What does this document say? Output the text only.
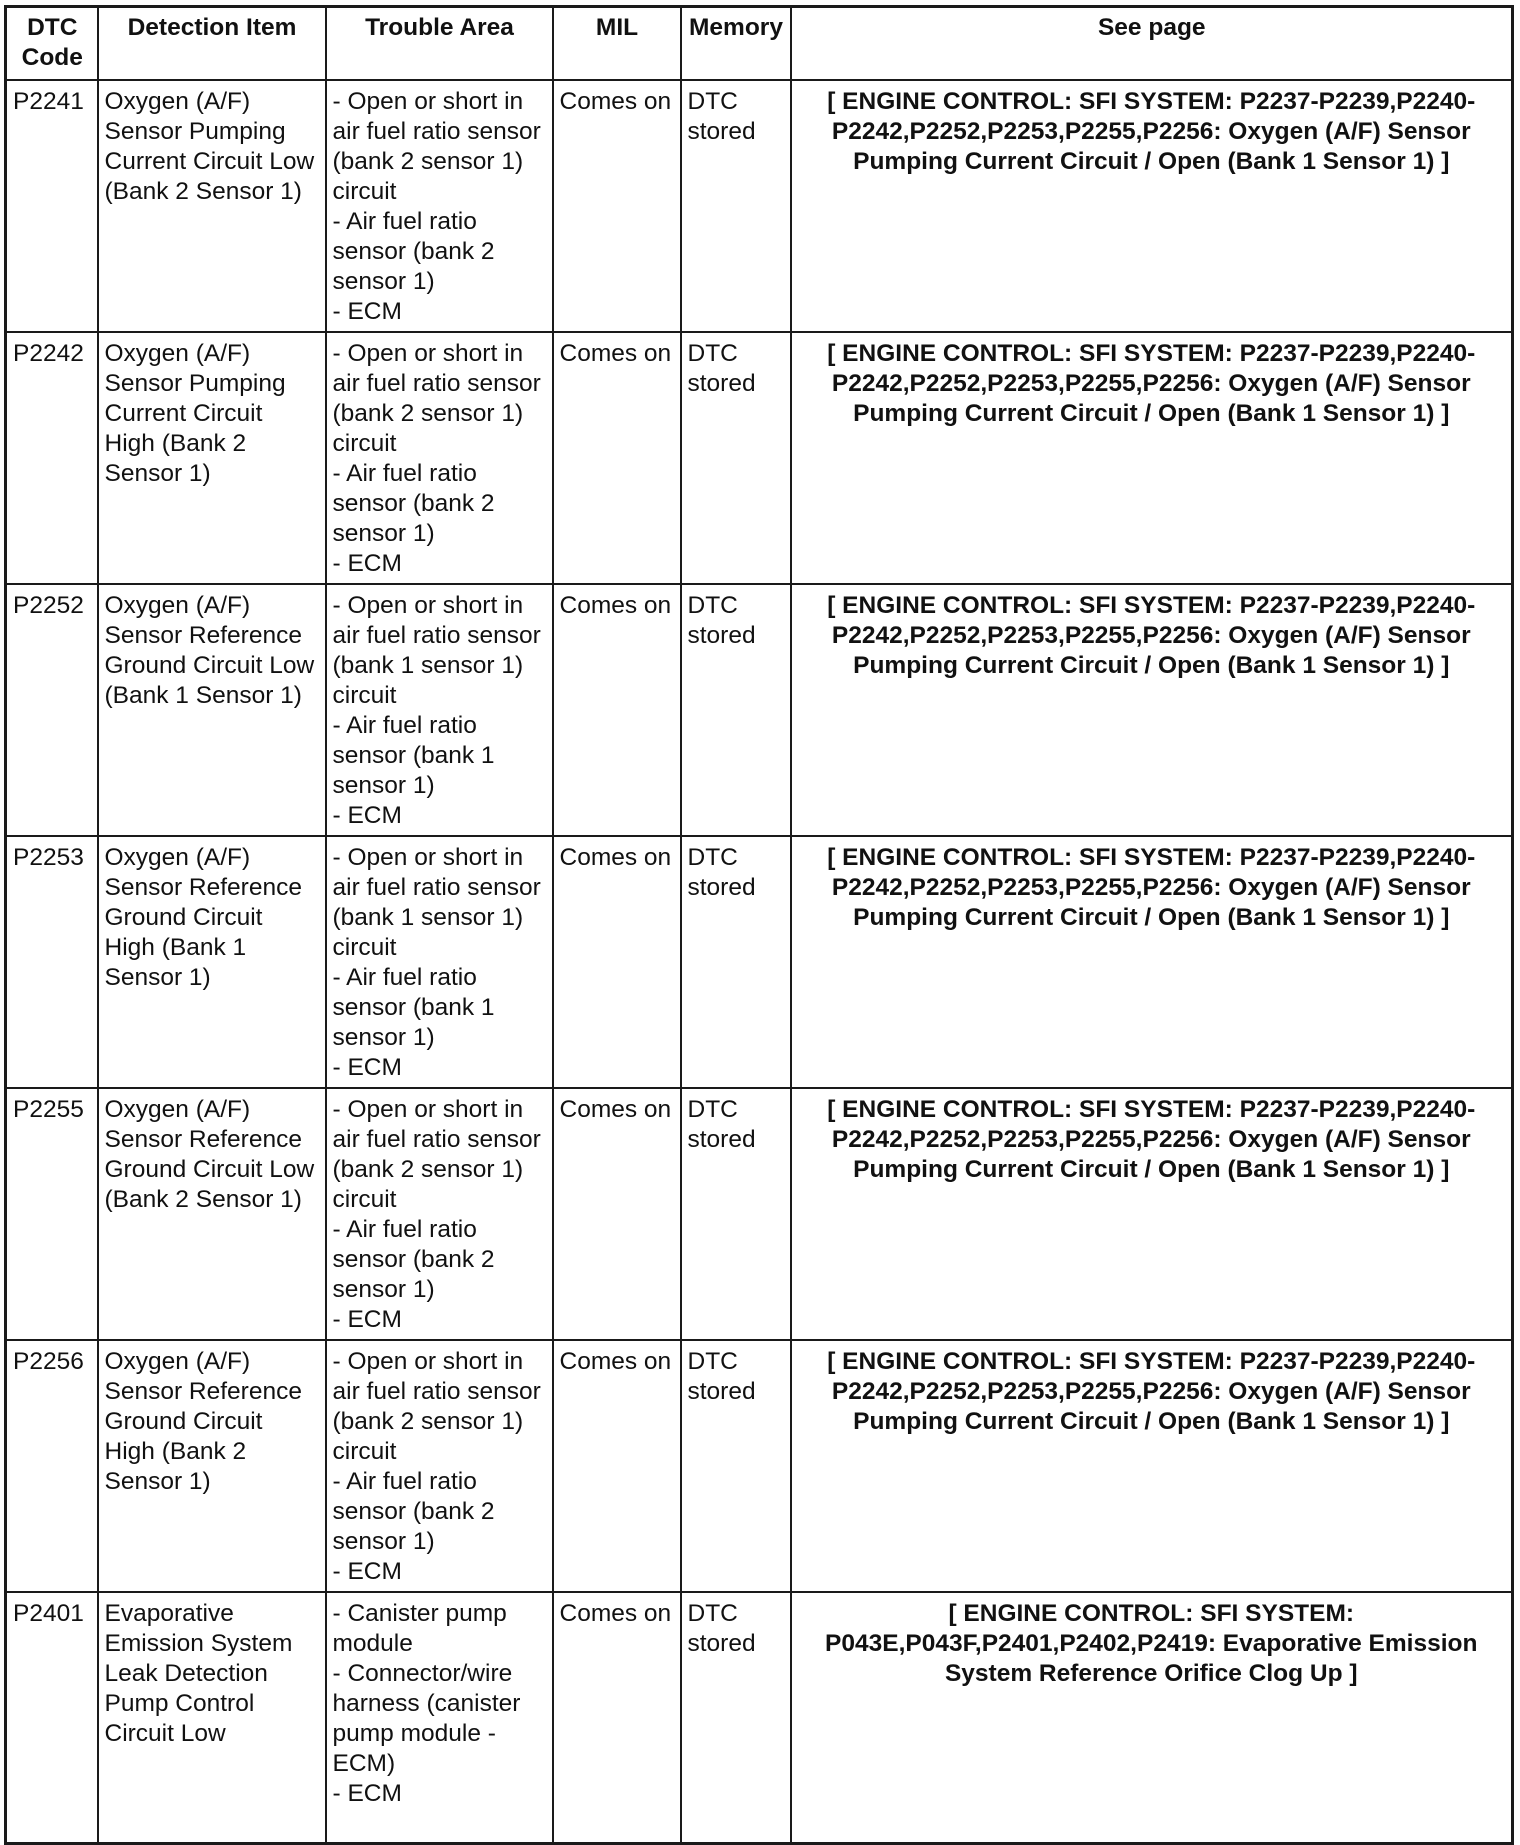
DTC Code	Detection Item	Trouble Area	MIL	Memory	See page
P2241	Oxygen (A/F) Sensor Pumping Current Circuit Low (Bank 2 Sensor 1)	- Open or short in air fuel ratio sensor (bank 2 sensor 1) circuit
- Air fuel ratio sensor (bank 2 sensor 1)
- ECM	Comes on	DTC stored	[ ENGINE CONTROL: SFI SYSTEM: P2237-P2239,P2240-P2242,P2252,P2253,P2255,P2256: Oxygen (A/F) Sensor Pumping Current Circuit / Open (Bank 1 Sensor 1) ]
P2242	Oxygen (A/F) Sensor Pumping Current Circuit High (Bank 2 Sensor 1)	- Open or short in air fuel ratio sensor (bank 2 sensor 1) circuit
- Air fuel ratio sensor (bank 2 sensor 1)
- ECM	Comes on	DTC stored	[ ENGINE CONTROL: SFI SYSTEM: P2237-P2239,P2240-P2242,P2252,P2253,P2255,P2256: Oxygen (A/F) Sensor Pumping Current Circuit / Open (Bank 1 Sensor 1) ]
P2252	Oxygen (A/F) Sensor Reference Ground Circuit Low (Bank 1 Sensor 1)	- Open or short in air fuel ratio sensor (bank 1 sensor 1) circuit
- Air fuel ratio sensor (bank 1 sensor 1)
- ECM	Comes on	DTC stored	[ ENGINE CONTROL: SFI SYSTEM: P2237-P2239,P2240-P2242,P2252,P2253,P2255,P2256: Oxygen (A/F) Sensor Pumping Current Circuit / Open (Bank 1 Sensor 1) ]
P2253	Oxygen (A/F) Sensor Reference Ground Circuit High (Bank 1 Sensor 1)	- Open or short in air fuel ratio sensor (bank 1 sensor 1) circuit
- Air fuel ratio sensor (bank 1 sensor 1)
- ECM	Comes on	DTC stored	[ ENGINE CONTROL: SFI SYSTEM: P2237-P2239,P2240-P2242,P2252,P2253,P2255,P2256: Oxygen (A/F) Sensor Pumping Current Circuit / Open (Bank 1 Sensor 1) ]
P2255	Oxygen (A/F) Sensor Reference Ground Circuit Low (Bank 2 Sensor 1)	- Open or short in air fuel ratio sensor (bank 2 sensor 1) circuit
- Air fuel ratio sensor (bank 2 sensor 1)
- ECM	Comes on	DTC stored	[ ENGINE CONTROL: SFI SYSTEM: P2237-P2239,P2240-P2242,P2252,P2253,P2255,P2256: Oxygen (A/F) Sensor Pumping Current Circuit / Open (Bank 1 Sensor 1) ]
P2256	Oxygen (A/F) Sensor Reference Ground Circuit High (Bank 2 Sensor 1)	- Open or short in air fuel ratio sensor (bank 2 sensor 1) circuit
- Air fuel ratio sensor (bank 2 sensor 1)
- ECM	Comes on	DTC stored	[ ENGINE CONTROL: SFI SYSTEM: P2237-P2239,P2240-P2242,P2252,P2253,P2255,P2256: Oxygen (A/F) Sensor Pumping Current Circuit / Open (Bank 1 Sensor 1) ]
P2401	Evaporative Emission System Leak Detection Pump Control Circuit Low	- Canister pump module
- Connector/wire harness (canister pump module - ECM)
- ECM	Comes on	DTC stored	[ ENGINE CONTROL: SFI SYSTEM: P043E,P043F,P2401,P2402,P2419: Evaporative Emission System Reference Orifice Clog Up ]
